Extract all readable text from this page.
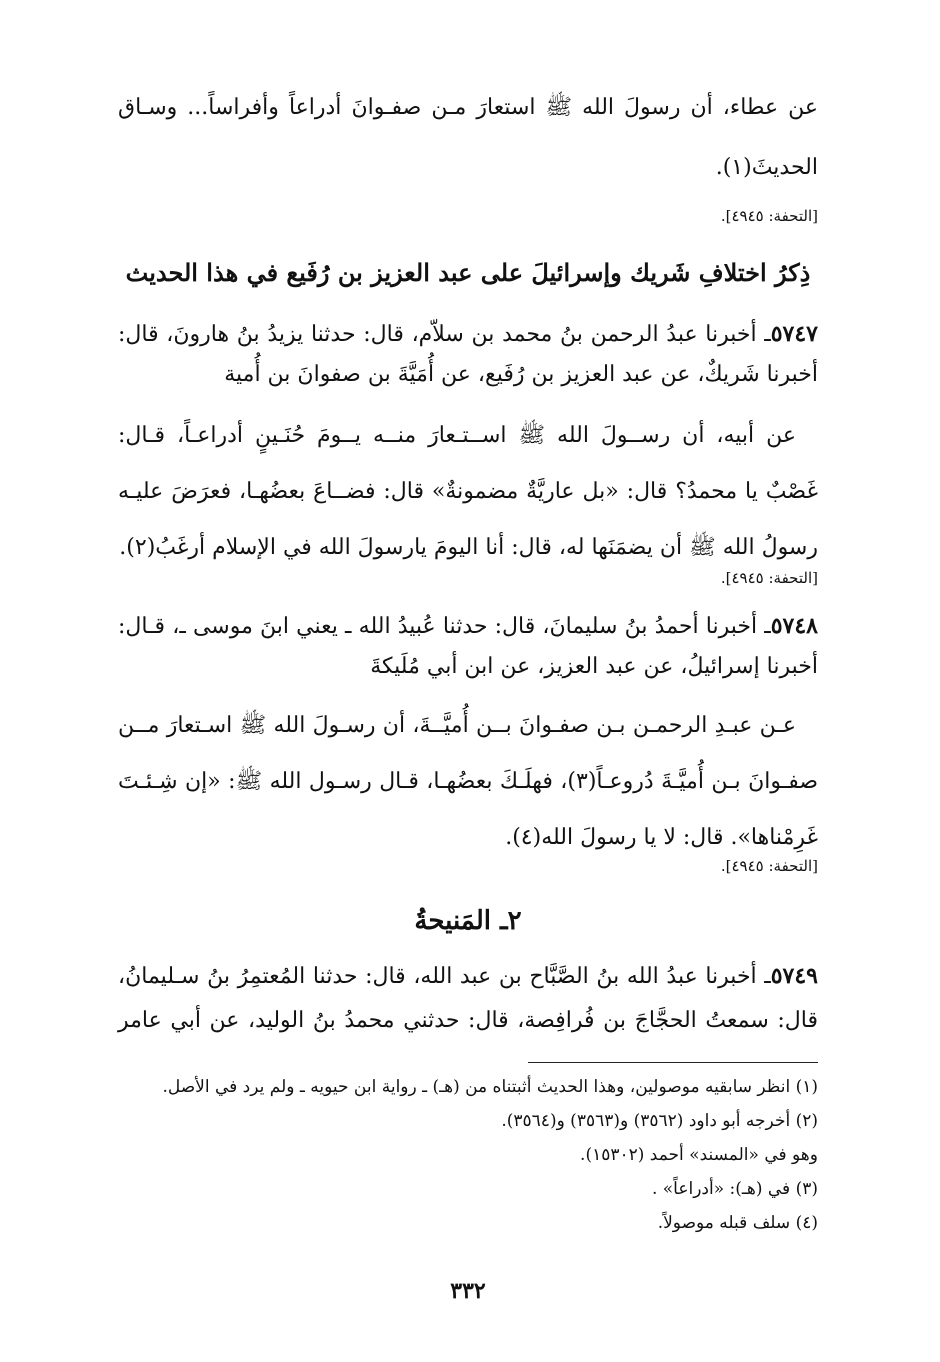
عن عطاء، أن رسولَ الله ﷺ استعارَ مـن صفـوانَ أدراعاً وأفراساً... وسـاق
الحديثَ(١).
[التحفة: ٤٩٤٥].
ذِكرُ اختلافِ شَريك وإسرائيلَ على عبد العزيز بن رُفَيع في هذا الحديث
٥٧٤٧ـ أخبرنا عبدُ الرحمن بنُ محمد بن سلاّم، قال: حدثنا يزيدُ بنُ هارونَ، قال:
أخبرنا شَريكٌ، عن عبد العزيز بن رُفَيع، عن أُمَيَّةَ بن صفوانَ بن أُمية
عن أبيه، أن رســولَ الله ﷺ اســتـعارَ منــه يــومَ حُنَـينٍ أدراعـاً، قـال:
غَصْبٌ يا محمدُ؟ قال: «بل عاريَّةٌ مضمونةٌ» قال: فضــاعَ بعضُهـا، فعرَضَ عليـه
رسولُ الله ﷺ أن يضمَنَها له، قال: أنا اليومَ يارسولَ الله في الإسلام أرغَبُ(٢).
[التحفة: ٤٩٤٥].
٥٧٤٨ـ أخبرنا أحمدُ بنُ سليمانَ، قال: حدثنا عُبيدُ الله ـ يعني ابنَ موسى ـ، قـال:
أخبرنا إسرائيلُ، عن عبد العزيز، عن ابن أبي مُلَيكةَ
عـن عبـدِ الرحمـن بـن صفـوانَ بــن أُميَّــةَ، أن رسـولَ الله ﷺ اسـتعارَ مــن
صفـوانَ بـن أُميَّـةَ دُروعـاً(٣)، فهلَـكَ بعضُهـا، قـال رسـول الله ﷺ: «إن شِـئـتَ
غَرِمْناها». قال: لا يا رسولَ الله(٤).
[التحفة: ٤٩٤٥].
٢ـ المَنيحةُ
٥٧٤٩ـ أخبرنا عبدُ الله بنُ الصَّبَّاح بن عبد الله، قال: حدثنا المُعتمِرُ بنُ سـليمانُ،
قال: سمعتُ الحجَّاجَ بن فُرافِصة، قال: حدثني محمدُ بنُ الوليد، عن أبي عامر
(١) انظر سابقيه موصولين، وهذا الحديث أثبتناه من (هـ) ـ رواية ابن حيويه ـ ولم يرد في الأصل.
(٢) أخرجه أبو داود (٣٥٦٢) و(٣٥٦٣) و(٣٥٦٤).
وهو في «المسند» أحمد (١٥٣٠٢).
(٣) في (هـ): «أدراعاً» .
(٤) سلف قبله موصولاً.
٣٣٢
